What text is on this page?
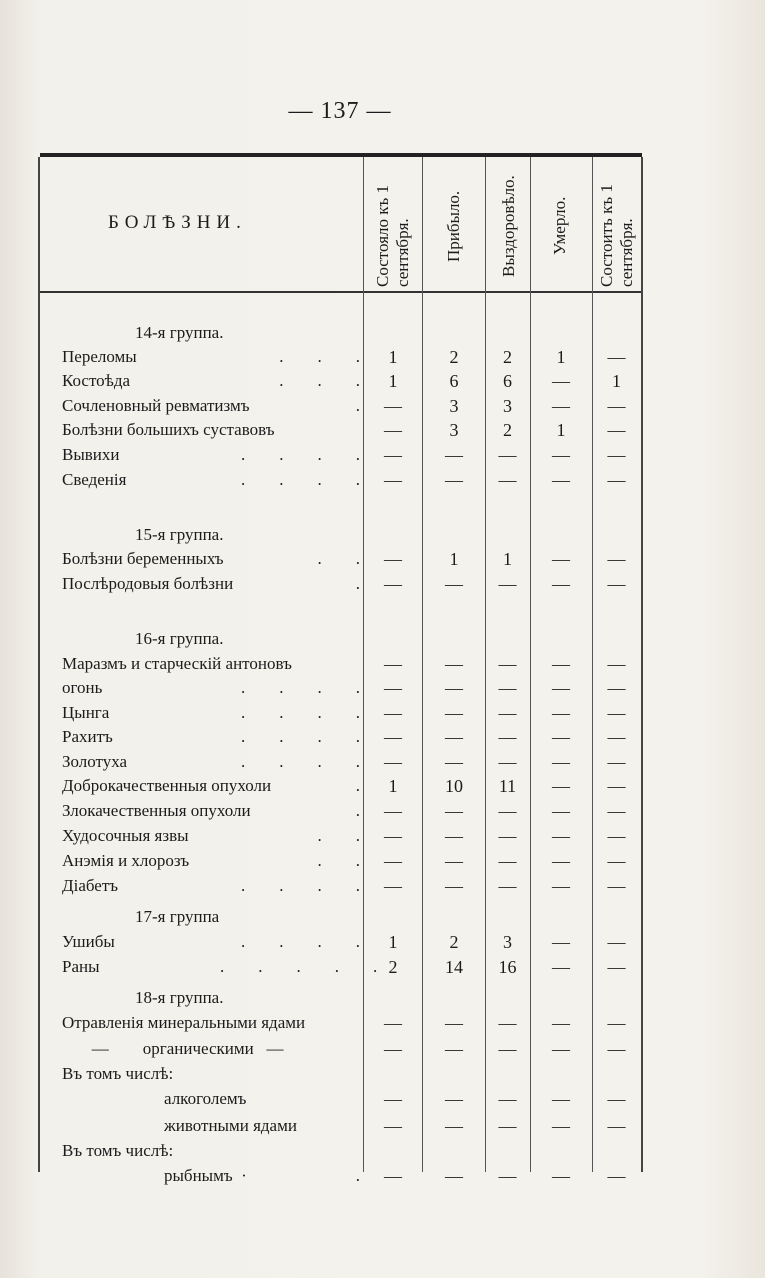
— 137 —
БОЛѢЗНИ.	Состояло къ 1 сентября.	Прибыло.	Выздоровѣло.	Умерло.	Состоитъ къ 1 сентября.
14-я группа.
Переломы	.        .        .	1	2	2	1	—
Костоѣда	.        .        .	1	6	6	—	1
Сочленовный ревматизмъ	.	—	3	3	—	—
Болѣзни большихъ суставовъ	—	3	2	1	—
Вывихи	.        .        .        .	—	—	—	—	—
Сведенія	.        .        .        .	—	—	—	—	—
15-я группа.
Болѣзни беременныхъ	.        .	—	1	1	—	—
Послѣродовыя болѣзни	.	—	—	—	—	—
16-я группа.
Маразмъ и старческій антоновъ	—	—	—	—	—
огонь	.        .        .        .	—	—	—	—	—
Цынга	.        .        .        .	—	—	—	—	—
Рахитъ	.        .        .        .	—	—	—	—	—
Золотуха	.        .        .        .	—	—	—	—	—
Доброкачественныя опухоли	.	1	10	11	—	—
Злокачественныя опухоли	.	—	—	—	—	—
Худосочныя язвы	.        .	—	—	—	—	—
Анэмія и хлорозъ	.        .	—	—	—	—	—
Діабетъ	.        .        .        .	—	—	—	—	—
17-я группа
Ушибы	.        .        .        .	1	2	3	—	—
Раны	.        .        .        .        . 2	14	16	—	—
18-я группа.
Отравленія минеральными ядами	—	—	—	—	—
—        органическими   —	—	—	—	—	—
Въ томъ числѣ:
алкоголемъ	—	—	—	—	—
животными ядами	—	—	—	—	—
Въ томъ числѣ:
рыбнымъ  ·	.	—	—	—	—	—
